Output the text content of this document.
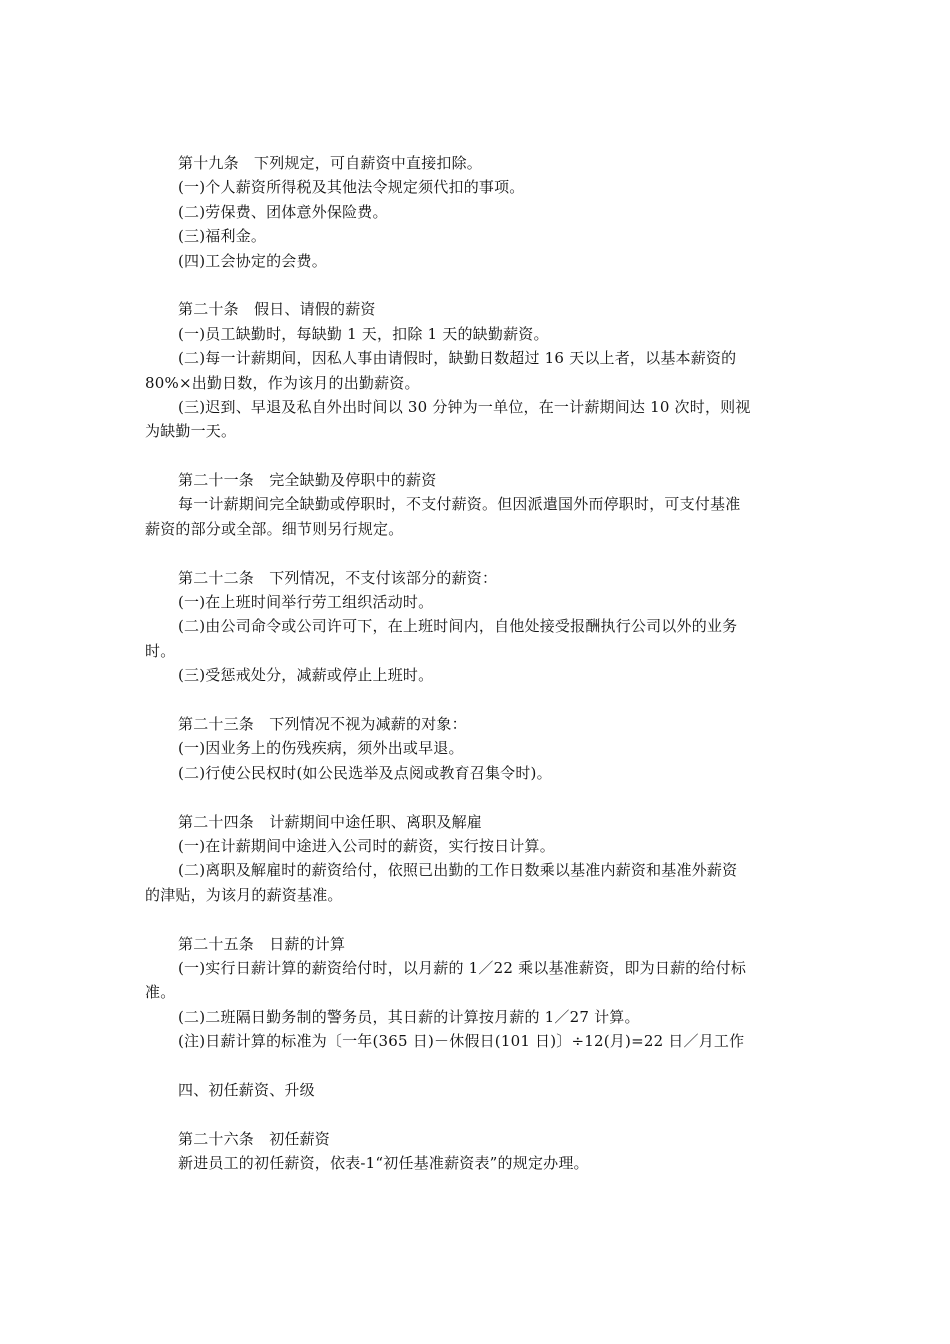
第十九条　下列规定，可自薪资中直接扣除。
(一)个人薪资所得税及其他法令规定须代扣的事项。
(二)劳保费、团体意外保险费。
(三)福利金。
(四)工会协定的会费。
第二十条　假日、请假的薪资
(一)员工缺勤时，每缺勤 1 天，扣除 1 天的缺勤薪资。
(二)每一计薪期间，因私人事由请假时，缺勤日数超过 16 天以上者，以基本薪资的
80%×出勤日数，作为该月的出勤薪资。
(三)迟到、早退及私自外出时间以 30 分钟为一单位，在一计薪期间达 10 次时，则视
为缺勤一天。
第二十一条　完全缺勤及停职中的薪资
每一计薪期间完全缺勤或停职时，不支付薪资。但因派遣国外而停职时，可支付基准
薪资的部分或全部。细节则另行规定。
第二十二条　下列情况，不支付该部分的薪资：
(一)在上班时间举行劳工组织活动时。
(二)由公司命令或公司许可下，在上班时间内，自他处接受报酬执行公司以外的业务
时。
(三)受惩戒处分，减薪或停止上班时。
第二十三条　下列情况不视为减薪的对象：
(一)因业务上的伤残疾病，须外出或早退。
(二)行使公民权时(如公民选举及点阅或教育召集令时)。
第二十四条　计薪期间中途任职、离职及解雇
(一)在计薪期间中途进入公司时的薪资，实行按日计算。
(二)离职及解雇时的薪资给付，依照已出勤的工作日数乘以基准内薪资和基准外薪资
的津贴，为该月的薪资基准。
第二十五条　日薪的计算
(一)实行日薪计算的薪资给付时，以月薪的 1／22 乘以基准薪资，即为日薪的给付标
准。
(二)二班隔日勤务制的警务员，其日薪的计算按月薪的 1／27 计算。
(注)日薪计算的标准为〔一年(365 日)－休假日(101 日)〕÷12(月)=22 日／月工作
四、初任薪资、升级
第二十六条　初任薪资
新进员工的初任薪资，依表-1“初任基准薪资表”的规定办理。
